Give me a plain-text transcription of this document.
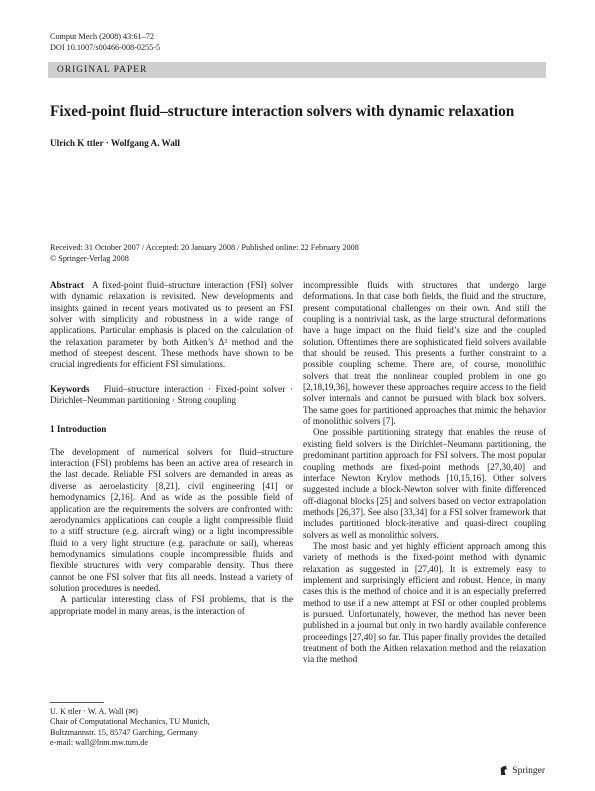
Comput Mech (2008) 43:61–72
DOI 10.1007/s00466-008-0255-5
ORIGINAL PAPER
Fixed-point fluid–structure interaction solvers with dynamic relaxation
Ulrich K ttler · Wolfgang A. Wall
Received: 31 October 2007 / Accepted: 20 January 2008 / Published online: 22 February 2008
© Springer-Verlag 2008

Abstract A fixed-point fluid–structure interaction (FSI) solver with dynamic relaxation is revisited. New developments and insights gained in recent years motivated us to present an FSI solver with simplicity and robustness in a wide range of applications. Particular emphasis is placed on the calculation of the relaxation parameter by both Aitken’s Δ² method and the method of steepest descent. These methods have shown to be crucial ingredients for efficient FSI simulations.

Keywords Fluid–structure interaction · Fixed-point solver · Dirichlet–Neumman partitioning · Strong coupling

1 Introduction

The development of numerical solvers for fluid–structure interaction (FSI) problems has been an active area of research in the last decade. Reliable FSI solvers are demanded in areas as diverse as aeroelasticity [8,21], civil engineering [41] or hemodynamics [2,16]. And as wide as the possible field of application are the requirements the solvers are confronted with: aerodynamics applications can couple a light compressible fluid to a stiff structure (e.g. aircraft wing) or a light incompressible fluid to a very light structure (e.g. parachute or sail), whereas hemodynamics simulations couple incompressible fluids and flexible structures with very comparable density. Thus there cannot be one FSI solver that fits all needs. Instead a variety of solution procedures is needed.

A particular interesting class of FSI problems, that is the appropriate model in many areas, is the interaction of

incompressible fluids with structures that undergo large deformations. In that case both fields, the fluid and the structure, present computational challenges on their own. And still the coupling is a nontrivial task, as the large structural deformations have a huge impact on the fluid field’s size and the coupled solution. Oftentimes there are sophisticated field solvers available that should be reused. This presents a further constraint to a possible coupling scheme. There are, of course, monolithic solvers that treat the nonlinear coupled problem in one go [2,18,19,36], however these approaches require access to the field solver internals and cannot be pursued with black box solvers. The same goes for partitioned approaches that mimic the behavior of monolithic solvers [7].

One possible partitioning strategy that enables the reuse of existing field solvers is the Dirichlet–Neumann partitioning, the predominant partition approach for FSI solvers. The most popular coupling methods are fixed-point methods [27,30,40] and interface Newton Krylov methods [10,15,16]. Other solvers suggested include a block-Newton solver with finite differenced off-diagonal blocks [25] and solvers based on vector extrapolation methods [26,37]. See also [33,34] for a FSI solver framework that includes partitioned block-iterative and quasi-direct coupling solvers as well as monolithic solvers.

The most basic and yet highly efficient approach among this variety of methods is the fixed-point method with dynamic relaxation as suggested in [27,40]. It is extremely easy to implement and surprisingly efficient and robust. Hence, in many cases this is the method of choice and it is an especially preferred method to use if a new attempt at FSI or other coupled problems is pursued. Unfortunately, however, the method has never been published in a journal but only in two hardly available conference proceedings [27,40] so far. This paper finally provides the detailed treatment of both the Aitken relaxation method and the relaxation via the method

U. K ttler · W. A. Wall (✉)
Chair of Computational Mechanics, TU Munich,
Boltzmannstr. 15, 85747 Garching, Germany
e-mail: wall@lnm.mw.tum.de
Springer
